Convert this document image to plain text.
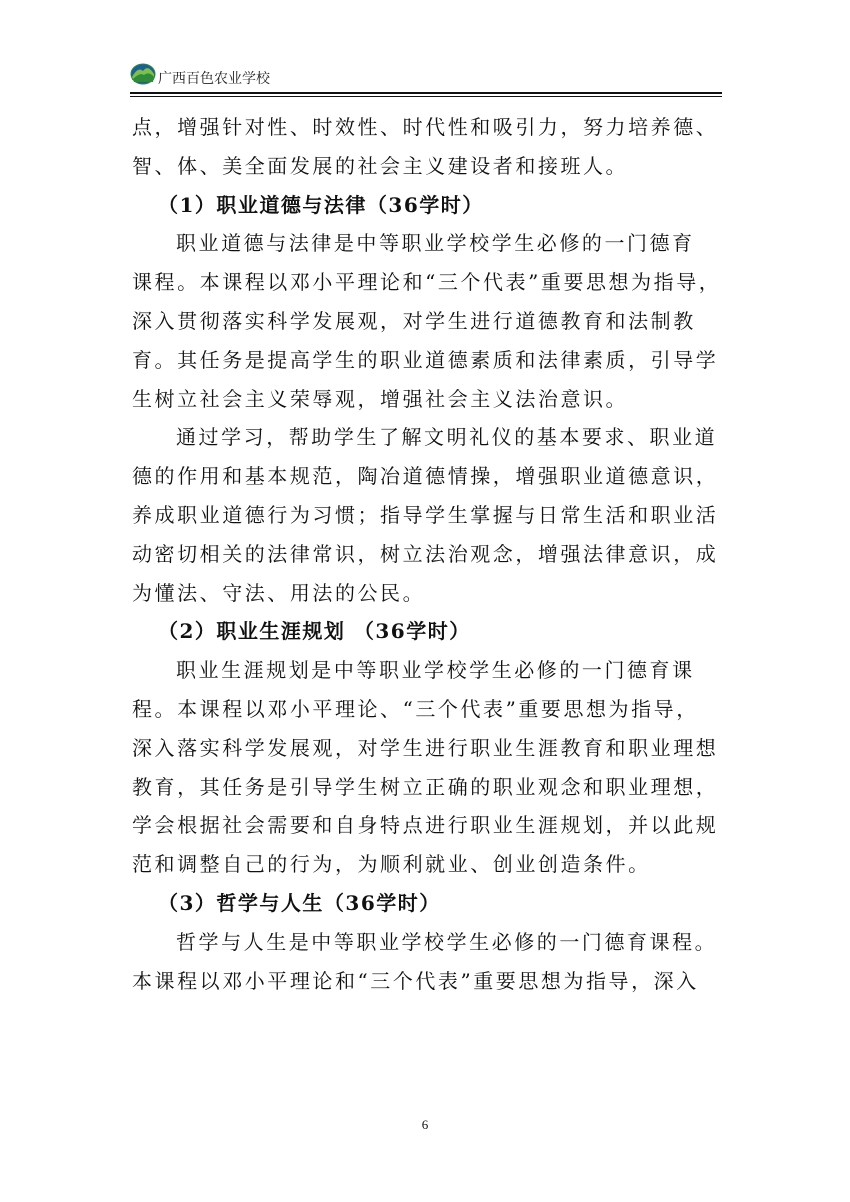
广西百色农业学校
点，增强针对性、时效性、时代性和吸引力，努力培养德、
智、体、美全面发展的社会主义建设者和接班人。
（1）职业道德与法律（36学时）
职业道德与法律是中等职业学校学生必修的一门德育
课程。本课程以邓小平理论和“三个代表”重要思想为指导，
深入贯彻落实科学发展观，对学生进行道德教育和法制教
育。其任务是提高学生的职业道德素质和法律素质，引导学
生树立社会主义荣辱观，增强社会主义法治意识。
通过学习，帮助学生了解文明礼仪的基本要求、职业道
德的作用和基本规范，陶冶道德情操，增强职业道德意识，
养成职业道德行为习惯；指导学生掌握与日常生活和职业活
动密切相关的法律常识，树立法治观念，增强法律意识，成
为懂法、守法、用法的公民。
（2）职业生涯规划 （36学时）
职业生涯规划是中等职业学校学生必修的一门德育课
程。本课程以邓小平理论、“三个代表”重要思想为指导，
深入落实科学发展观，对学生进行职业生涯教育和职业理想
教育，其任务是引导学生树立正确的职业观念和职业理想，
学会根据社会需要和自身特点进行职业生涯规划，并以此规
范和调整自己的行为，为顺利就业、创业创造条件。
（3）哲学与人生（36学时）
哲学与人生是中等职业学校学生必修的一门德育课程。
本课程以邓小平理论和“三个代表”重要思想为指导，深入
6
